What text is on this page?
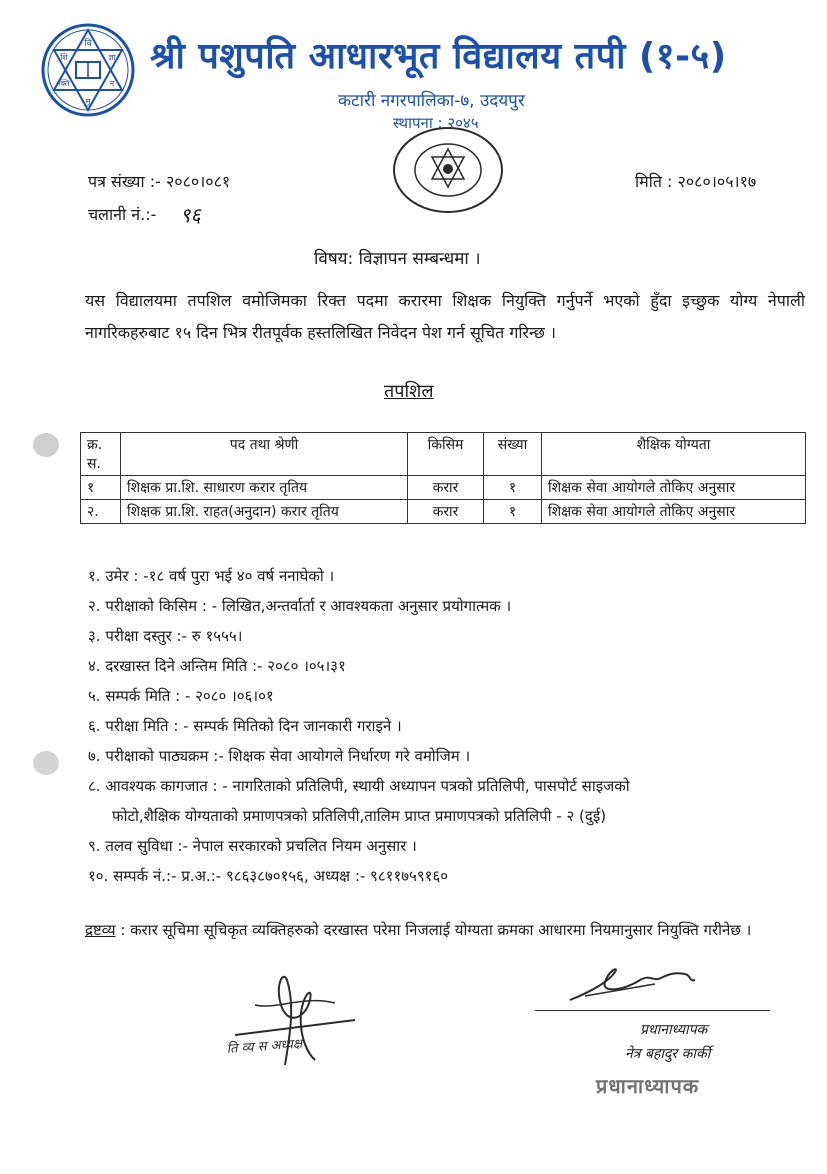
वि
ज्ञा
न
मु
क्ति
शि श्री पशुपति आधारभूत विद्यालय तपी (१-५)
कटारी नगरपालिका-७, उदयपुर
स्थापना : २०४५
पत्र संख्या :- २०८०।०८१	मिति : २०८०।०५।१७
चलानी नं.:- ९६
विषय: विज्ञापन सम्बन्धमा ।
यस विद्यालयमा तपशिल वमोजिमका रिक्त पदमा करारमा शिक्षक नियुक्ति गर्नुपर्ने भएको हुँदा इच्छुक योग्य नेपाली नागरिकहरुबाट १५ दिन भित्र रीतपूर्वक हस्तलिखित निवेदन पेश गर्न सूचित गरिन्छ ।
तपशिल
क्र. स.	पद तथा श्रेणी	किसिम	संख्या	शैक्षिक योग्यता
१	शिक्षक प्रा.शि. साधारण करार तृतिय	करार	१	शिक्षक सेवा आयोगले तोकिए अनुसार
२.	शिक्षक प्रा.शि. राहत(अनुदान) करार तृतिय	करार	१	शिक्षक सेवा आयोगले तोकिए अनुसार
१. उमेर : -१८ वर्ष पुरा भई ४० वर्ष ननाघेको ।
२. परीक्षाको किसिम : - लिखित,अन्तर्वार्ता र आवश्यकता अनुसार प्रयोगात्मक ।
३. परीक्षा दस्तुर :- रु १५५५।
४. दरखास्त दिने अन्तिम मिति :- २०८० ।०५।३१
५. सम्पर्क मिति : - २०८० ।०६।०१
६. परीक्षा मिति : - सम्पर्क मितिको दिन जानकारी गराइने ।
७. परीक्षाको पाठ्यक्रम :- शिक्षक सेवा आयोगले निर्धारण गरे वमोजिम ।
८. आवश्यक कागजात : - नागरिताको प्रतिलिपी, स्थायी अध्यापन पत्रको प्रतिलिपी, पासपोर्ट साइजको
फोटो,शैक्षिक योग्यताको प्रमाणपत्रको प्रतिलिपी,तालिम प्राप्त प्रमाणपत्रको प्रतिलिपी - २ (दुई)
९. तलव सुविधा :- नेपाल सरकारको प्रचलित नियम अनुसार ।
१०. सम्पर्क नं.:- प्र.अ.:- ९८६३८७०१५६, अध्यक्ष :- ९८११७५९१६०
द्रष्टव्य : करार सूचिमा सूचिकृत व्यक्तिहरुको दरखास्त परेमा निजलाई योग्यता क्रमका आधारमा नियमानुसार नियुक्ति गरीनेछ ।
ति व्य स अध्यक्ष
प्रधानाध्यापक
नेत्र बहादुर कार्की
प्रधानाध्यापक
